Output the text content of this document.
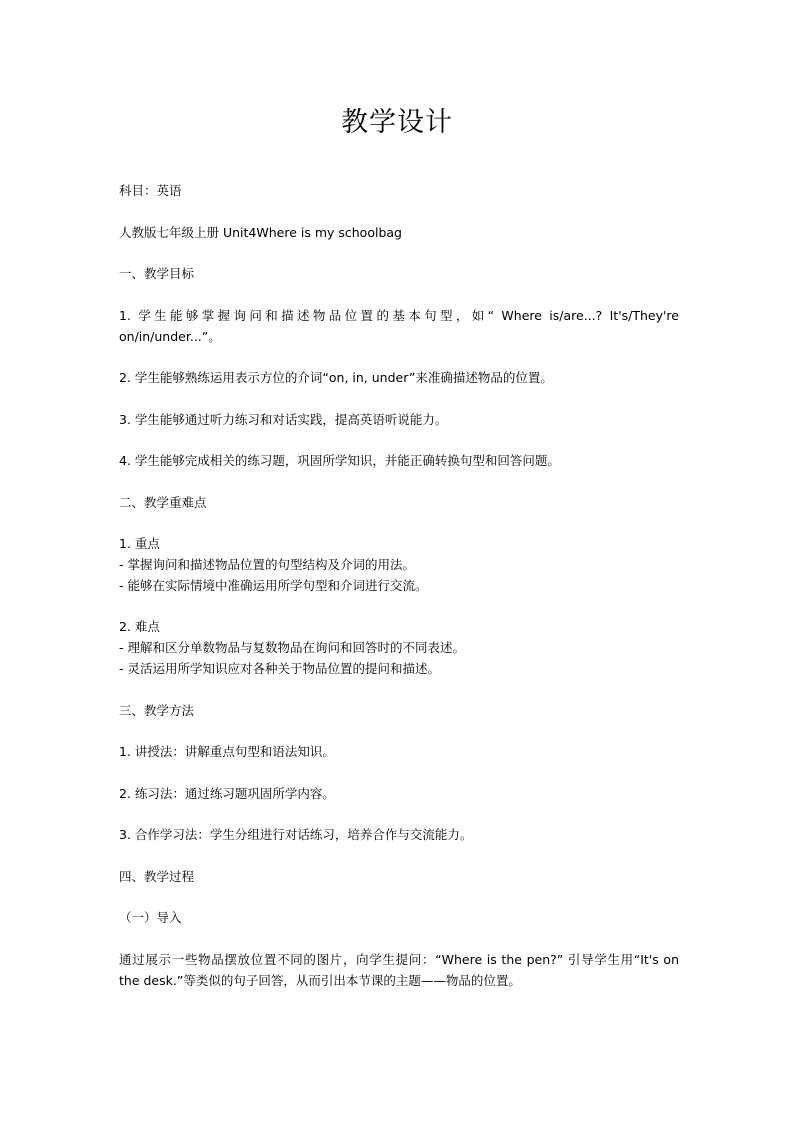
教学设计
科目：英语
人教版七年级上册 Unit4Where is my schoolbag
一、教学目标
1. 学生能够掌握询问和描述物品位置的基本句型，如“ Where is/are...? It's/They're on/in/under...”。
2. 学生能够熟练运用表示方位的介词“on, in, under”来准确描述物品的位置。
3. 学生能够通过听力练习和对话实践，提高英语听说能力。
4. 学生能够完成相关的练习题，巩固所学知识，并能正确转换句型和回答问题。
二、教学重难点
1. 重点
- 掌握询问和描述物品位置的句型结构及介词的用法。
- 能够在实际情境中准确运用所学句型和介词进行交流。
2. 难点
- 理解和区分单数物品与复数物品在询问和回答时的不同表述。
- 灵活运用所学知识应对各种关于物品位置的提问和描述。
三、教学方法
1. 讲授法：讲解重点句型和语法知识。
2. 练习法：通过练习题巩固所学内容。
3. 合作学习法：学生分组进行对话练习，培养合作与交流能力。
四、教学过程
（一）导入
通过展示一些物品摆放位置不同的图片，向学生提问：“Where is the pen?” 引导学生用“It's on the desk.”等类似的句子回答，从而引出本节课的主题——物品的位置。
